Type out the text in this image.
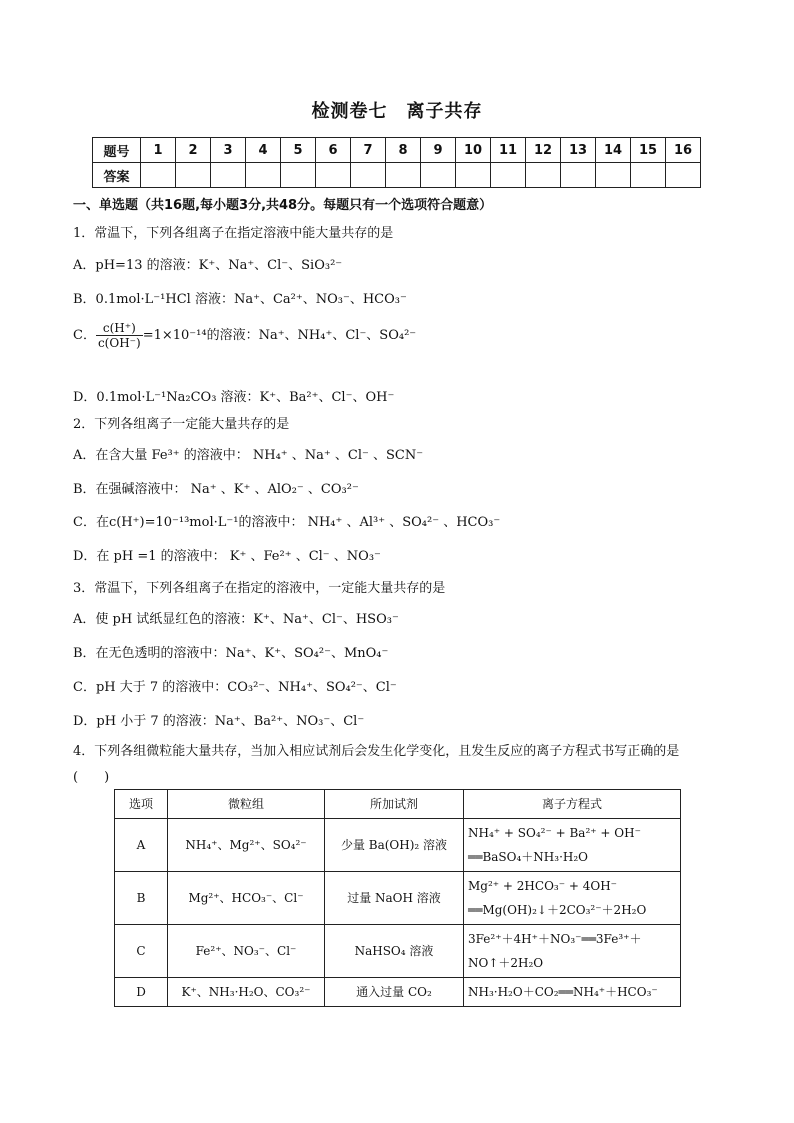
检测卷七　离子共存
题号	1	2	3	4	5	6	7	8	9	10	11	12	13	14	15	16
答案																
一、单选题（共16题,每小题3分,共48分。每题只有一个选项符合题意）
1．常温下，下列各组离子在指定溶液中能大量共存的是
A．pH=13 的溶液：K⁺、Na⁺、Cl⁻、SiO₃²⁻
B．0.1mol·L⁻¹HCl 溶液：Na⁺、Ca²⁺、NO₃⁻、HCO₃⁻
C． $\frac{c(H^+)}{c(OH^-)} =1\times 10^{-14}$的溶液：Na⁺、NH₄⁺、Cl⁻、SO₄²⁻
D．0.1mol·L⁻¹Na₂CO₃ 溶液：K⁺、Ba²⁺、Cl⁻、OH⁻
2．下列各组离子一定能大量共存的是
A．在含大量 Fe³⁺ 的溶液中： NH₄⁺ 、Na⁺ 、Cl⁻ 、SCN⁻
B．在强碱溶液中： Na⁺ 、K⁺ 、AlO₂⁻ 、CO₃²⁻
C．在c(H⁺)=10⁻¹³mol·L⁻¹的溶液中： NH₄⁺ 、Al³⁺ 、SO₄²⁻ 、HCO₃⁻
D．在 pH =1 的溶液中： K⁺ 、Fe²⁺ 、Cl⁻ 、NO₃⁻
3．常温下，下列各组离子在指定的溶液中，一定能大量共存的是
A．使 pH 试纸显红色的溶液：K⁺、Na⁺、Cl⁻、HSO₃⁻
B．在无色透明的溶液中：Na⁺、K⁺、SO₄²⁻、MnO₄⁻
C．pH 大于 7 的溶液中：CO₃²⁻、NH₄⁺、SO₄²⁻、Cl⁻
D．pH 小于 7 的溶液：Na⁺、Ba²⁺、NO₃⁻、Cl⁻
4．下列各组微粒能大量共存，当加入相应试剂后会发生化学变化，且发生反应的离子方程式书写正确的是
(　　)
选项	微粒组	所加试剂	离子方程式
A	NH₄⁺、Mg²⁺、SO₄²⁻	少量 Ba(OH)₂ 溶液	NH₄⁺ + SO₄²⁻ + Ba²⁺ + OH⁻
══BaSO₄＋NH₃·H₂O

B	Mg²⁺、HCO₃⁻、Cl⁻	过量 NaOH 溶液	Mg²⁺ + 2HCO₃⁻ + 4OH⁻
══Mg(OH)₂↓＋2CO₃²⁻＋2H₂O

C	Fe²⁺、NO₃⁻、Cl⁻	NaHSO₄ 溶液	3Fe²⁺＋4H⁺＋NO₃⁻══3Fe³⁺＋
NO↑＋2H₂O

D	K⁺、NH₃·H₂O、CO₃²⁻	通入过量 CO₂	NH₃·H₂O＋CO₂══NH₄⁺＋HCO₃⁻
